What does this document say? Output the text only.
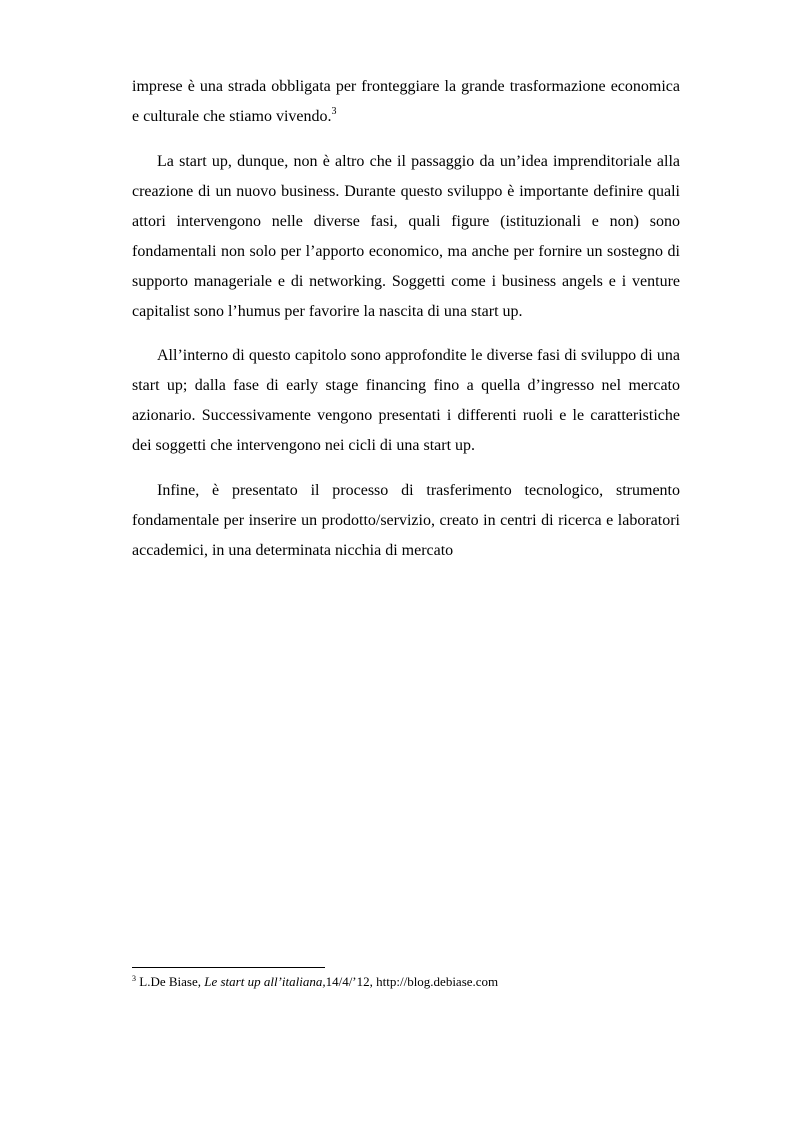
imprese è una strada obbligata per fronteggiare la grande trasformazione economica e culturale che stiamo vivendo.$^3$

La start up, dunque, non è altro che il passaggio da un’idea imprenditoriale alla creazione di un nuovo business. Durante questo sviluppo è importante definire quali attori intervengono nelle diverse fasi, quali figure (istituzionali e non) sono fondamentali non solo per l’apporto economico, ma anche per fornire un sostegno di supporto manageriale e di networking. Soggetti come i business angels e i venture capitalist sono l’humus per favorire la nascita di una start up.

All’interno di questo capitolo sono approfondite le diverse fasi di sviluppo di una start up; dalla fase di early stage financing fino a quella d’ingresso nel mercato azionario. Successivamente vengono presentati i differenti ruoli e le caratteristiche dei soggetti che intervengono nei cicli di una start up.

Infine, è presentato il processo di trasferimento tecnologico, strumento fondamentale per inserire un prodotto/servizio, creato in centri di ricerca e laboratori accademici, in una determinata nicchia di mercato

$^3$ L.De Biase, Le start up all’italiana,14/4/’12, http://blog.debiase.com
